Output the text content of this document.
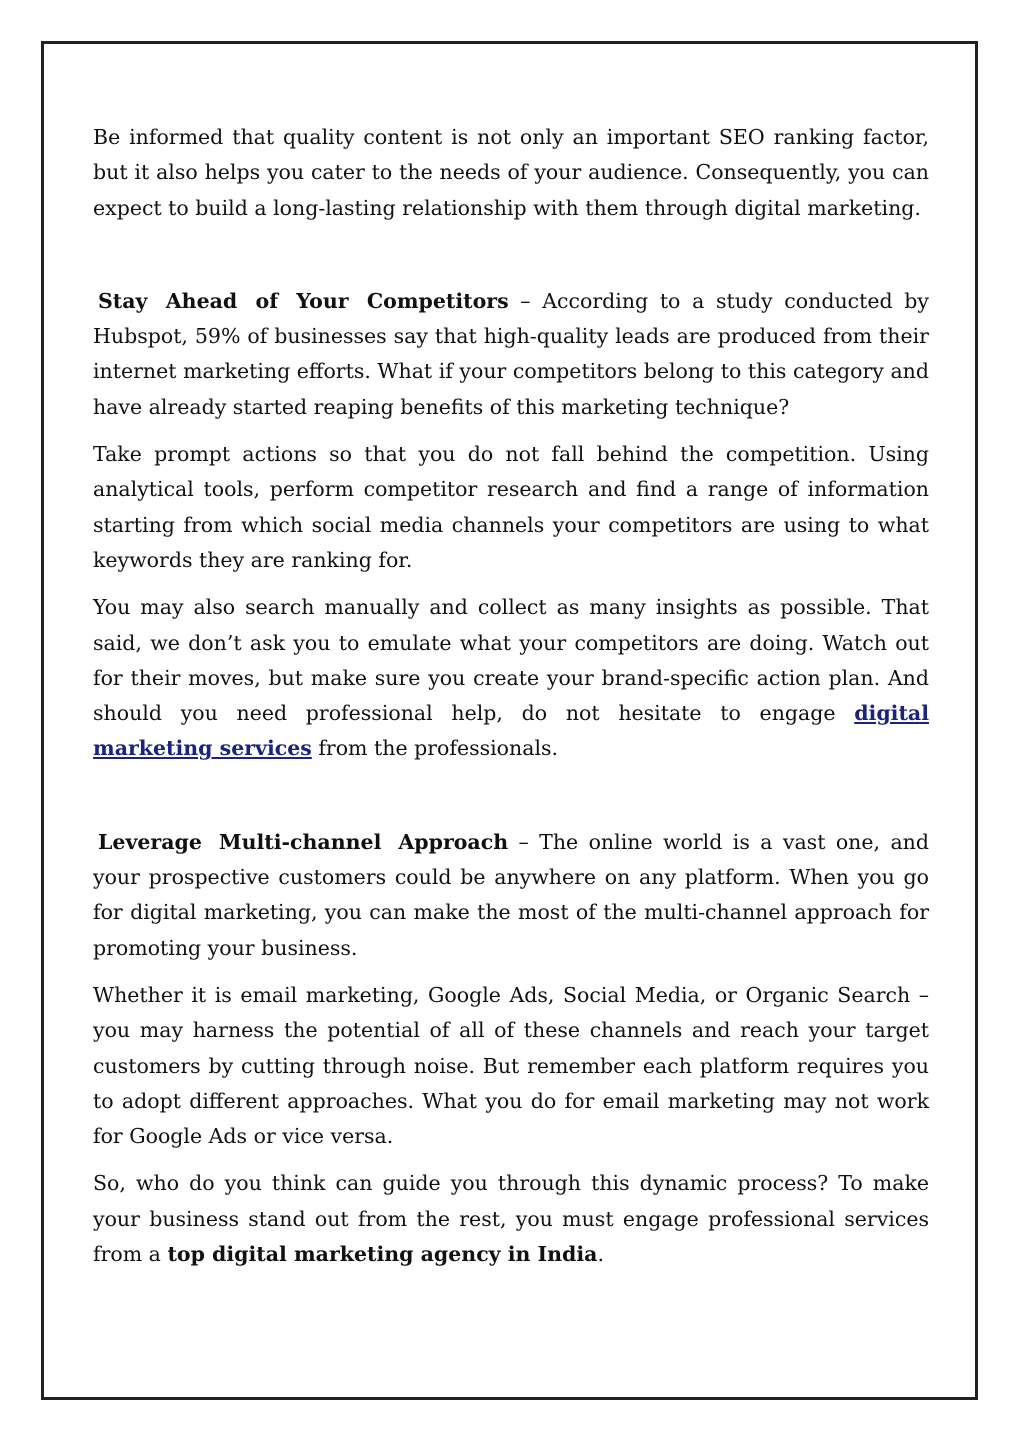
Be informed that quality content is not only an important SEO ranking factor, but it also helps you cater to the needs of your audience. Consequently, you can expect to build a long-lasting relationship with them through digital marketing.

Stay Ahead of Your Competitors – According to a study conducted by Hubspot, 59% of businesses say that high-quality leads are produced from their internet marketing efforts. What if your competitors belong to this category and have already started reaping benefits of this marketing technique?

Take prompt actions so that you do not fall behind the competition. Using analytical tools, perform competitor research and find a range of information starting from which social media channels your competitors are using to what keywords they are ranking for.

You may also search manually and collect as many insights as possible. That said, we don’t ask you to emulate what your competitors are doing. Watch out for their moves, but make sure you create your brand-specific action plan. And should you need professional help, do not hesitate to engage digital marketing services from the professionals.

Leverage Multi-channel Approach – The online world is a vast one, and your prospective customers could be anywhere on any platform. When you go for digital marketing, you can make the most of the multi-channel approach for promoting your business.

Whether it is email marketing, Google Ads, Social Media, or Organic Search – you may harness the potential of all of these channels and reach your target customers by cutting through noise. But remember each platform requires you to adopt different approaches. What you do for email marketing may not work for Google Ads or vice versa.

So, who do you think can guide you through this dynamic process? To make your business stand out from the rest, you must engage professional services from a top digital marketing agency in India.
